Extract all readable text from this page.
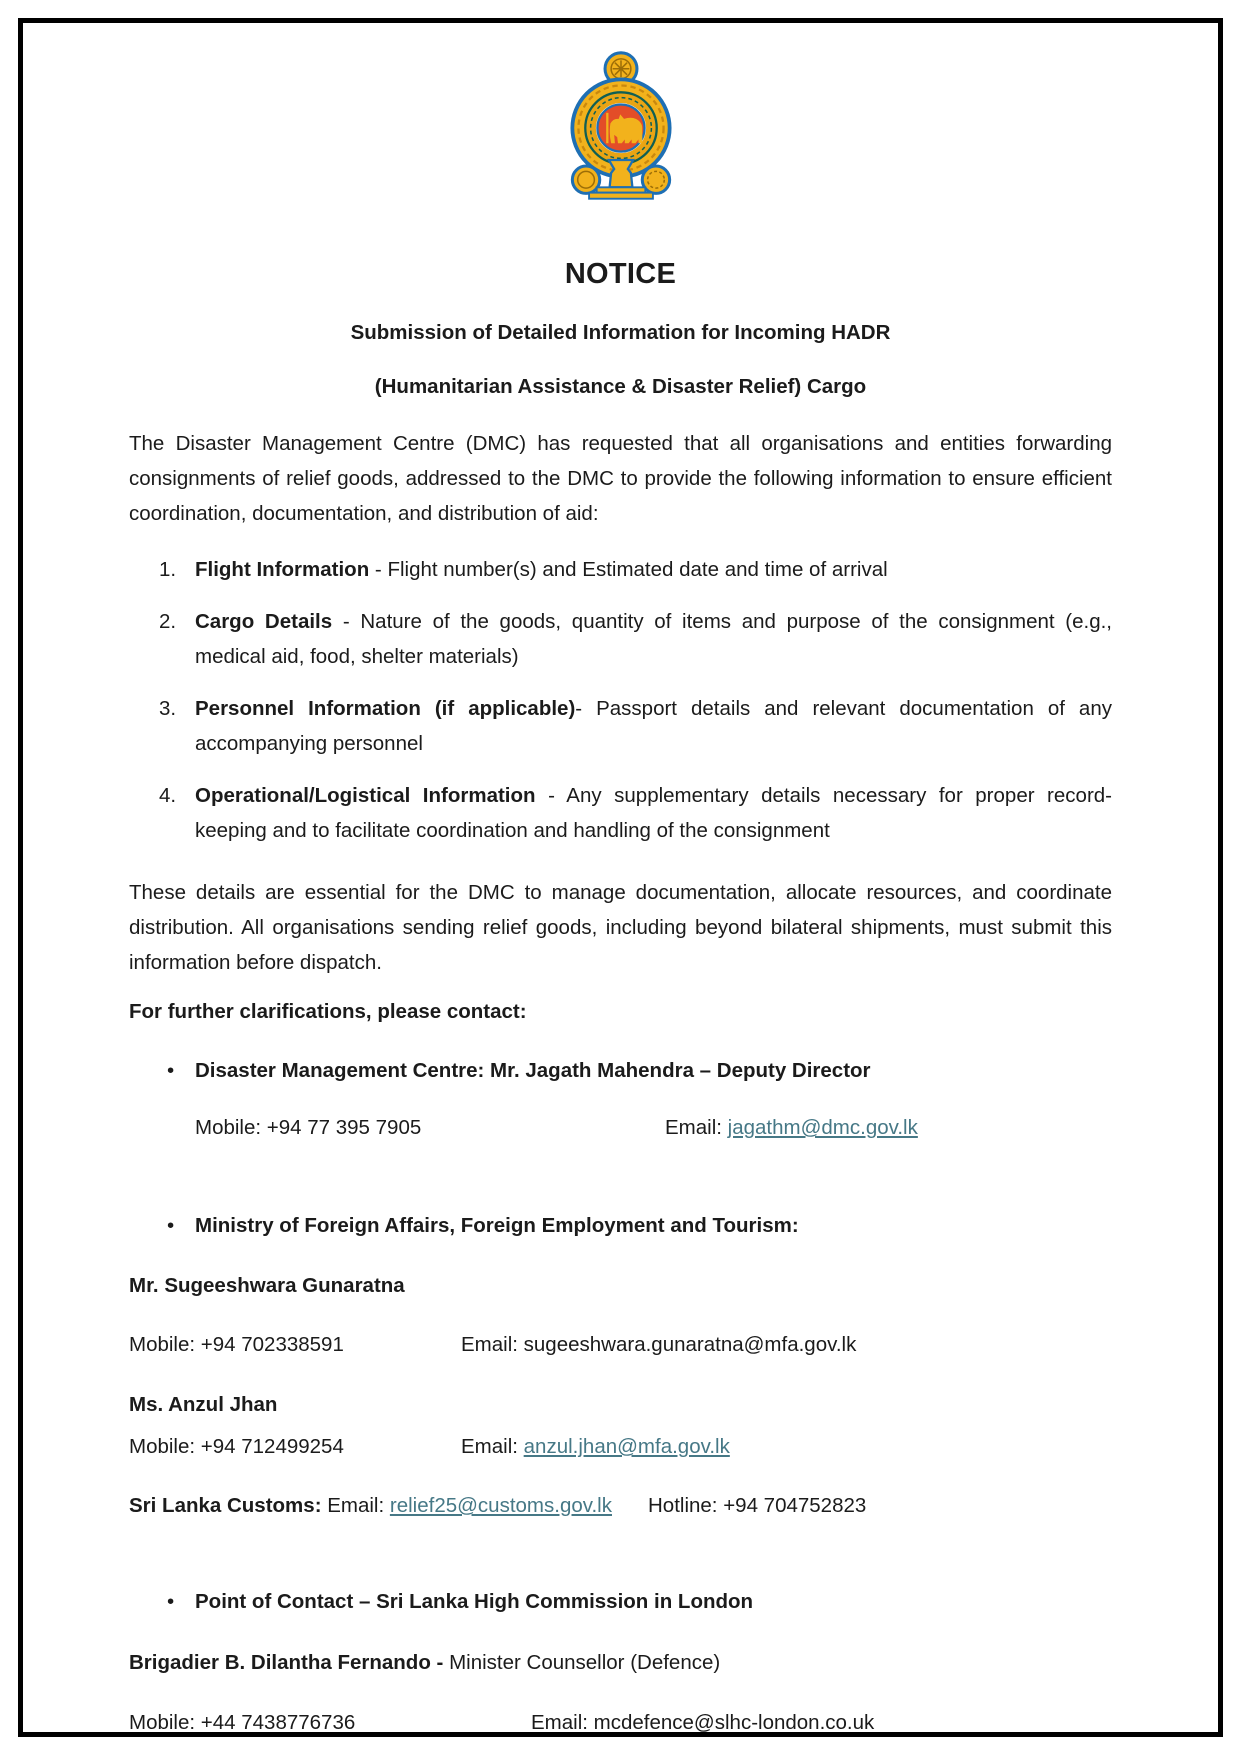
NOTICE
Submission of Detailed Information for Incoming HADR
(Humanitarian Assistance & Disaster Relief) Cargo

The Disaster Management Centre (DMC) has requested that all organisations and entities forwarding consignments of relief goods, addressed to the DMC to provide the following information to ensure efficient coordination, documentation, and distribution of aid:

1. Flight Information - Flight number(s) and Estimated date and time of arrival
2. Cargo Details - Nature of the goods, quantity of items and purpose of the consignment (e.g., medical aid, food, shelter materials)
3. Personnel Information (if applicable)- Passport details and relevant documentation of any accompanying personnel
4. Operational/Logistical Information - Any supplementary details necessary for proper record-keeping and to facilitate coordination and handling of the consignment

These details are essential for the DMC to manage documentation, allocate resources, and coordinate distribution. All organisations sending relief goods, including beyond bilateral shipments, must submit this information before dispatch.

For further clarifications, please contact:
•	Disaster Management Centre: Mr. Jagath Mahendra – Deputy Director
Mobile: +94 77 395 7905	Email: jagathm@dmc.gov.lk
•	Ministry of Foreign Affairs, Foreign Employment and Tourism:
Mr. Sugeeshwara Gunaratna
Mobile: +94 702338591	Email: sugeeshwara.gunaratna@mfa.gov.lk
Ms. Anzul Jhan
Mobile: +94 712499254	Email: anzul.jhan@mfa.gov.lk
Sri Lanka Customs: Email: relief25@customs.gov.lk Hotline: +94 704752823
•	Point of Contact – Sri Lanka High Commission in London
Brigadier B. Dilantha Fernando - Minister Counsellor (Defence)
Mobile: +44 7438776736	Email: mcdefence@slhc-london.co.uk
